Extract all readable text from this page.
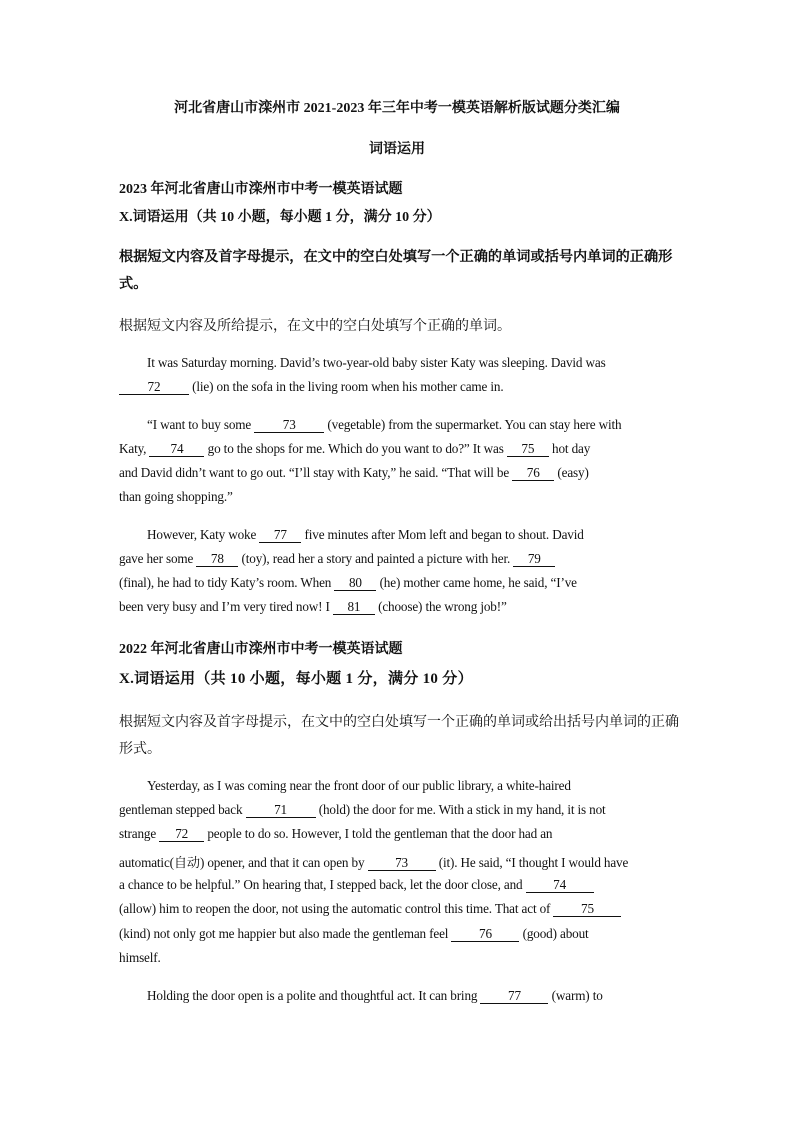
河北省唐山市滦州市 2021-2023 年三年中考一模英语解析版试题分类汇编
词语运用
2023 年河北省唐山市滦州市中考一模英语试题
X.词语运用（共 10 小题，每小题 1 分，满分 10 分）
根据短文内容及首字母提示，在文中的空白处填写一个正确的单词或括号内单词的正确形
式。
根据短文内容及所给提示，在文中的空白处填写个正确的单词。
It was Saturday morning. David’s two-year-old baby sister Katy was sleeping. David was
72 (lie) on the sofa in the living room when his mother came in.
“I want to buy some 73 (vegetable) from the supermarket. You can stay here with
Katy, 74 go to the shops for me. Which do you want to do?” It was 75 hot day
and David didn’t want to go out. “I’ll stay with Katy,” he said. “That will be 76 (easy)
than going shopping.”
However, Katy woke 77 five minutes after Mom left and began to shout. David
gave her some 78 (toy), read her a story and painted a picture with her. 79
(final), he had to tidy Katy’s room. When 80 (he) mother came home, he said, “I’ve
been very busy and I’m very tired now! I 81 (choose) the wrong job!”
2022 年河北省唐山市滦州市中考一模英语试题
X.词语运用（共 10 小题，每小题 1 分，满分 10 分）
根据短文内容及首字母提示，在文中的空白处填写一个正确的单词或给出括号内单词的正确
形式。
Yesterday, as I was coming near the front door of our public library, a white-haired
gentleman stepped back 71 (hold) the door for me. With a stick in my hand, it is not
strange 72 people to do so. However, I told the gentleman that the door had an
automatic(自动) opener, and that it can open by 73 (it). He said, “I thought I would have
a chance to be helpful.” On hearing that, I stepped back, let the door close, and 74
(allow) him to reopen the door, not using the automatic control this time. That act of 75
(kind) not only got me happier but also made the gentleman feel 76 (good) about
himself.
Holding the door open is a polite and thoughtful act. It can bring 77 (warm) to
